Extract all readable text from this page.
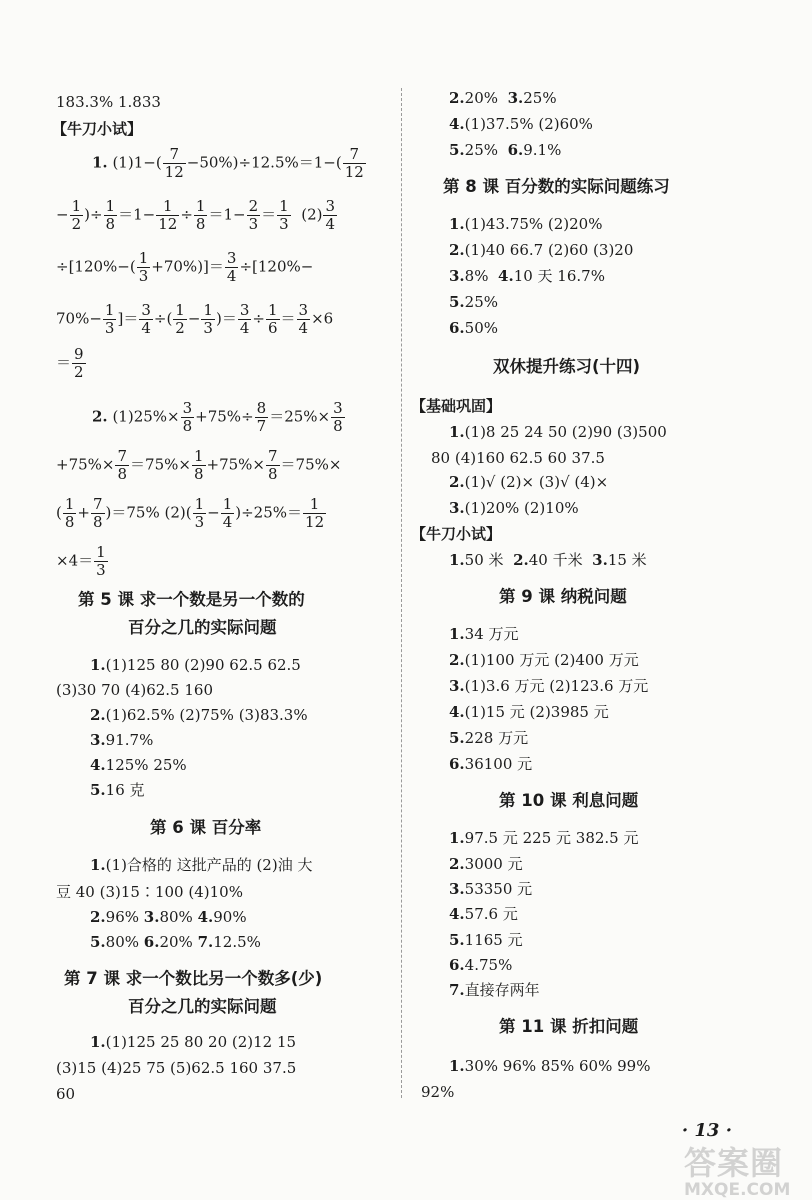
183.3% 1.833
【牛刀小试】
1. $(1)1-( \frac{7}{12} -50\%)\div 12.5\%=1-( \frac{7}{12}$
− $\frac{1}{2}$ )÷ $\frac{1}{8} =1- \frac{1}{12} \div \frac{1}{8} =1- \frac{2}{3} = \frac{1}{3} (2) \frac{3}{4}$
$\div[120\%-( \frac{1}{3} +70\%)]= \frac{3}{4} \div[120\%-$
$70\%- \frac{1}{3}$ ]＝ $\frac{3}{4}$ ÷( $\frac{1}{2} - \frac{1}{3}$ )＝ $\frac{3}{4} \div \frac{1}{6} = \frac{3}{4} \times 6$
＝ $\frac{9}{2}$
2. $(1)25\%\times \frac{3}{8} +75\%\div \frac{8}{7} =25\%\times \frac{3}{8}$
$+75\%\times \frac{7}{8} =75\%\times \frac{1}{8} +75\%\times \frac{7}{8} =75\%\times$
( $\frac{1}{8} + \frac{7}{8} )=75\%$ $(2)( \frac{1}{3} - \frac{1}{4} )\div 25\%= \frac{1}{12}$
$\times 4= \frac{1}{3}$
第 5 课 求一个数是另一个数的
百分之几的实际问题
1.(1)125 80 (2)90 62.5 62.5
(3)30 70 (4)62.5 160
2.(1)62.5% (2)75% (3)83.3%
3.91.7%
4.125% 25%
5.16 克
第 6 课 百分率
1.(1)合格的 这批产品的 (2)油 大
豆 40 (3)15∶100 (4)10%
2.96% 3.80% 4.90%
5.80% 6.20% 7.12.5%
第 7 课 求一个数比另一个数多(少)
百分之几的实际问题
1.(1)125 25 80 20 (2)12 15
(3)15 (4)25 75 (5)62.5 160 37.5
60
2.20% 3.25%
4.(1)37.5% (2)60%
5.25% 6.9.1%
第 8 课 百分数的实际问题练习
1.(1)43.75% (2)20%
2.(1)40 66.7 (2)60 (3)20
3.8% 4.10 天 16.7%
5.25%
6.50%
双休提升练习(十四)
【基础巩固】
1.(1)8 25 24 50 (2)90 (3)500
80 (4)160 62.5 60 37.5
2.(1)√ (2)× (3)√ (4)×
3.(1)20% (2)10%
【牛刀小试】
1.50 米 2.40 千米 3.15 米
第 9 课 纳税问题
1.34 万元
2.(1)100 万元 (2)400 万元
3.(1)3.6 万元 (2)123.6 万元
4.(1)15 元 (2)3985 元
5.228 万元
6.36100 元
第 10 课 利息问题
1.97.5 元 225 元 382.5 元
2.3000 元
3.53350 元
4.57.6 元
5.1165 元
6.4.75%
7.直接存两年
第 11 课 折扣问题
1.30% 96% 85% 60% 99%
92%
· 13 ·
答案圈
MXQE.COM
